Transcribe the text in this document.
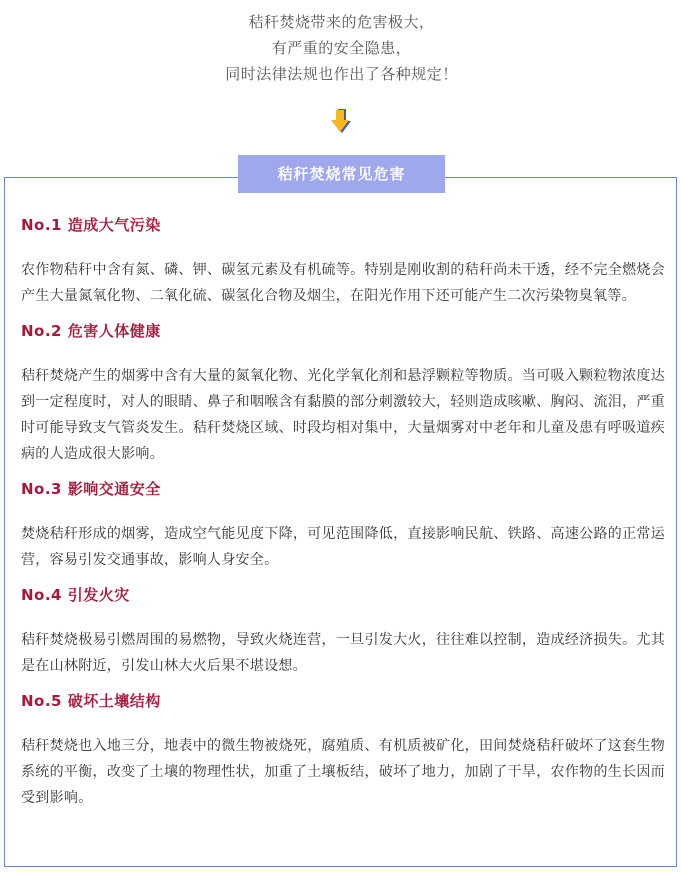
秸秆焚烧带来的危害极大，
有严重的安全隐患，
同时法律法规也作出了各种规定！
秸秆焚烧常见危害

No.1 造成大气污染

农作物秸秆中含有氮、磷、钾、碳氢元素及有机硫等。特别是刚收割的秸秆尚未干透，经不完全燃烧会产生大量氮氧化物、二氧化硫、碳氢化合物及烟尘，在阳光作用下还可能产生二次污染物臭氧等。

No.2 危害人体健康

秸秆焚烧产生的烟雾中含有大量的氮氧化物、光化学氧化剂和悬浮颗粒等物质。当可吸入颗粒物浓度达到一定程度时，对人的眼睛、鼻子和咽喉含有黏膜的部分刺激较大，轻则造成咳嗽、胸闷、流泪，严重时可能导致支气管炎发生。秸秆焚烧区域、时段均相对集中，大量烟雾对中老年和儿童及患有呼吸道疾病的人造成很大影响。

No.3 影响交通安全

焚烧秸秆形成的烟雾，造成空气能见度下降，可见范围降低，直接影响民航、铁路、高速公路的正常运营，容易引发交通事故，影响人身安全。

No.4 引发火灾

秸秆焚烧极易引燃周围的易燃物，导致火烧连营，一旦引发大火，往往难以控制，造成经济损失。尤其是在山林附近，引发山林大火后果不堪设想。

No.5 破坏土壤结构

秸秆焚烧也入地三分，地表中的微生物被烧死，腐殖质、有机质被矿化，田间焚烧秸秆破坏了这套生物系统的平衡，改变了土壤的物理性状，加重了土壤板结，破坏了地力，加剧了干旱，农作物的生长因而受到影响。
